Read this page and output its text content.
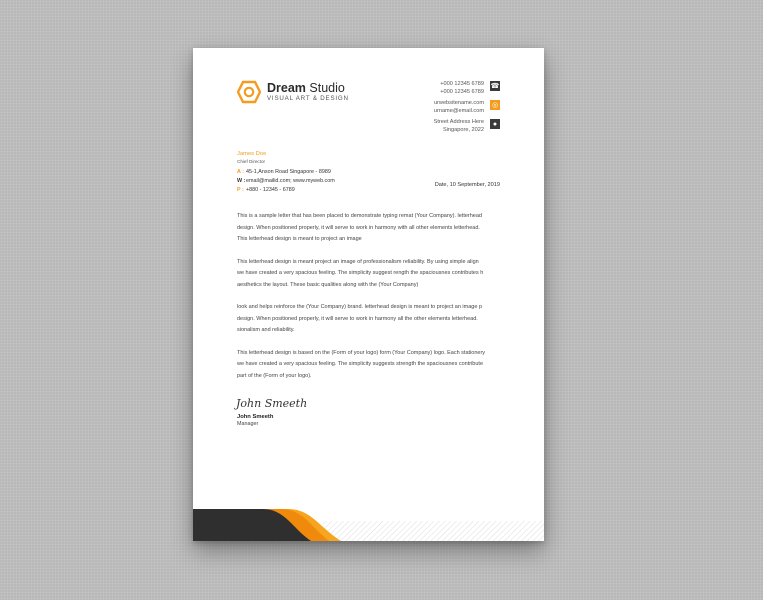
Dream Studio
VISUAL ART & DESIGN
+000 12345 6789
+000 12345 6789
☎
urwebsitename.com
urname@email.com
◎
Street Address Here
Singapore, 2022
●
James Doe
Chief Director
A : 45-1,Anson Road Singapore - 8989
W :email@mailid.com; www.myweb.com
P : +880 - 12345 - 6789
Date, 10 September, 2019
This is a sample letter that has been placed to demonstrate typing remat (Your Company). letterhead
design. When positioned properly, it will serve to work in harmony with all other elements letterhead.
This letterhead design is meant to project an image
This letterhead design is meant project an image of professionalism reliability. By using simple align
we have created a very spacious feeling. The simplicity suggest rength the spaciousnes contributes h
aesthetics the layout. These basic qualities along with the (Your Company)
look and helps reinforce the (Your Company) brand. letterhead design is meant to project an image p
design. When positioned properly, it will serve to work in harmony all the other elements letterhead.
sionalism and reliability.
This letterhead design is based on the (Form of your logo) form (Your Company) logo. Each stationery
we have created a very spacious feeling. The simplicity suggests strength the spaciousnes contribute
part of the (Form of your logo).
John Smeeth
John Smeeth
Manager
